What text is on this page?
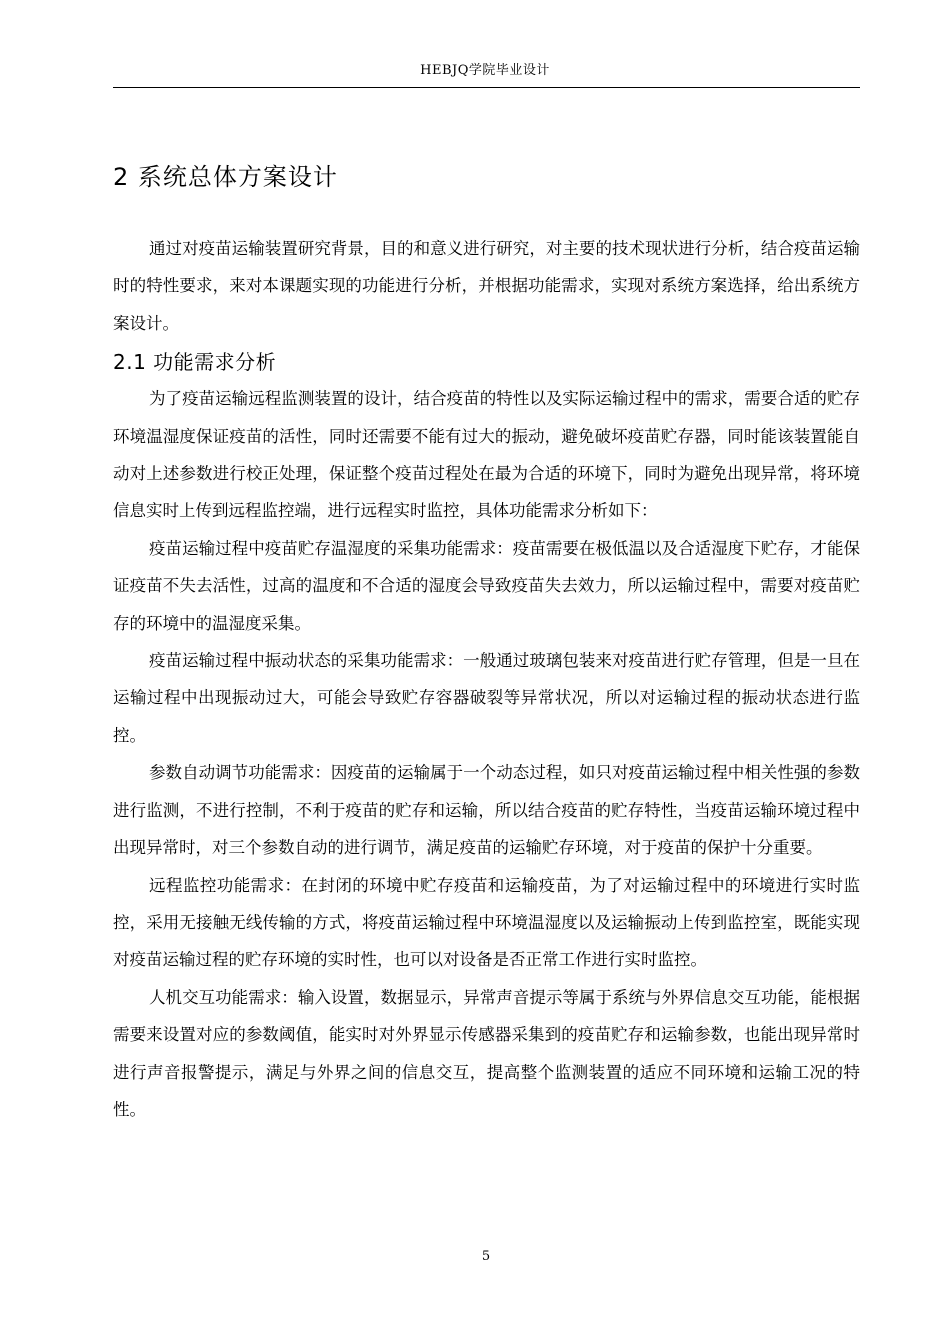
HEBJQ学院毕业设计
2 系统总体方案设计

通过对疫苗运输装置研究背景，目的和意义进行研究，对主要的技术现状进行分析，结合疫苗运输时的特性要求，来对本课题实现的功能进行分析，并根据功能需求，实现对系统方案选择，给出系统方案设计。

2.1 功能需求分析

为了疫苗运输远程监测装置的设计，结合疫苗的特性以及实际运输过程中的需求，需要合适的贮存环境温湿度保证疫苗的活性，同时还需要不能有过大的振动，避免破坏疫苗贮存器，同时能该装置能自动对上述参数进行校正处理，保证整个疫苗过程处在最为合适的环境下，同时为避免出现异常，将环境信息实时上传到远程监控端，进行远程实时监控，具体功能需求分析如下：

疫苗运输过程中疫苗贮存温湿度的采集功能需求：疫苗需要在极低温以及合适湿度下贮存，才能保证疫苗不失去活性，过高的温度和不合适的湿度会导致疫苗失去效力，所以运输过程中，需要对疫苗贮存的环境中的温湿度采集。

疫苗运输过程中振动状态的采集功能需求：一般通过玻璃包装来对疫苗进行贮存管理，但是一旦在运输过程中出现振动过大，可能会导致贮存容器破裂等异常状况，所以对运输过程的振动状态进行监控。

参数自动调节功能需求：因疫苗的运输属于一个动态过程，如只对疫苗运输过程中相关性强的参数进行监测，不进行控制，不利于疫苗的贮存和运输，所以结合疫苗的贮存特性，当疫苗运输环境过程中出现异常时，对三个参数自动的进行调节，满足疫苗的运输贮存环境，对于疫苗的保护十分重要。

远程监控功能需求：在封闭的环境中贮存疫苗和运输疫苗，为了对运输过程中的环境进行实时监控，采用无接触无线传输的方式，将疫苗运输过程中环境温湿度以及运输振动上传到监控室，既能实现对疫苗运输过程的贮存环境的实时性，也可以对设备是否正常工作进行实时监控。

人机交互功能需求：输入设置，数据显示，异常声音提示等属于系统与外界信息交互功能，能根据需要来设置对应的参数阈值，能实时对外界显示传感器采集到的疫苗贮存和运输参数，也能出现异常时进行声音报警提示，满足与外界之间的信息交互，提高整个监测装置的适应不同环境和运输工况的特性。

5
